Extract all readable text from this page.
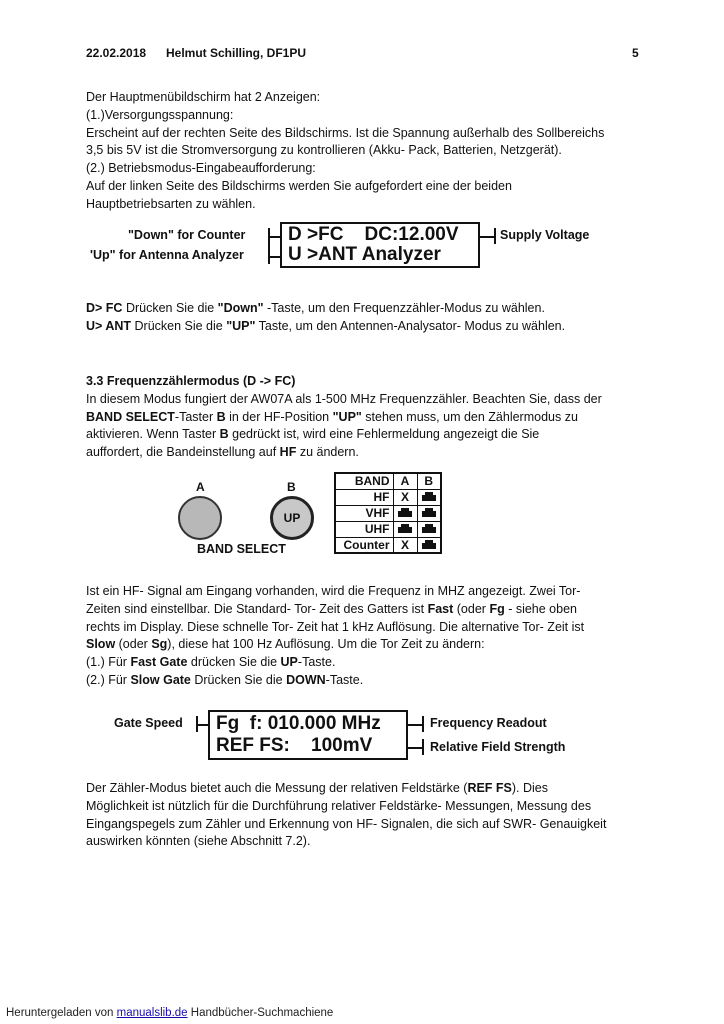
22.02.2018 Helmut Schilling, DF1PU	5

Der Hauptmenübildschirm hat 2 Anzeigen:

(1.)Versorgungsspannung:

Erscheint auf der rechten Seite des Bildschirms. Ist die Spannung außerhalb des Sollbereichs

3,5 bis 5V ist die Stromversorgung zu kontrollieren (Akku- Pack, Batterien, Netzgerät).

(2.) Betriebsmodus-Eingabeaufforderung:

Auf der linken Seite des Bildschirms werden Sie aufgefordert eine der beiden

Hauptbetriebsarten zu wählen.

"Down" for Counter
'Up" for Antenna Analyzer
D >FC    DC:12.00V
U >ANT Analyzer
Supply Voltage

D> FC Drücken Sie die "Down" -Taste, um den Frequenzzähler-Modus zu wählen.

U> ANT Drücken Sie die "UP" Taste, um den Antennen-Analysator- Modus zu wählen.

3.3 Frequenzzählermodus (D -> FC)

In diesem Modus fungiert der AW07A als 1-500 MHz Frequenzzähler. Beachten Sie, dass der

BAND SELECT-Taster B in der HF-Position "UP" stehen muss, um den Zählermodus zu

aktivieren. Wenn Taster B gedrückt ist, wird eine Fehlermeldung angezeigt die Sie

auffordert, die Bandeinstellung auf HF zu ändern.

A	B
UP
BAND SELECT
BAND	A	B
HF	X	
VHF		
UHF		
Counter	X	

Ist ein HF- Signal am Eingang vorhanden, wird die Frequenz in MHZ angezeigt. Zwei Tor-

Zeiten sind einstellbar. Die Standard- Tor- Zeit des Gatters ist Fast (oder Fg - siehe oben

rechts im Display. Diese schnelle Tor- Zeit hat 1 kHz Auflösung. Die alternative Tor- Zeit ist

Slow (oder Sg), diese hat 100 Hz Auflösung. Um die Tor Zeit zu ändern:

(1.) Für Fast Gate drücken Sie die UP-Taste.

(2.) Für Slow Gate Drücken Sie die DOWN-Taste.

Gate Speed Fg  f: 010.000 MHz
REF FS:    100mV
Frequency Readout
Relative Field Strength

Der Zähler-Modus bietet auch die Messung der relativen Feldstärke (REF FS). Dies

Möglichkeit ist nützlich für die Durchführung relativer Feldstärke- Messungen, Messung des

Eingangspegels zum Zähler und Erkennung von HF- Signalen, die sich auf SWR- Genauigkeit

auswirken könnten (siehe Abschnitt 7.2).

Heruntergeladen von manualslib.de Handbücher-Suchmachiene
